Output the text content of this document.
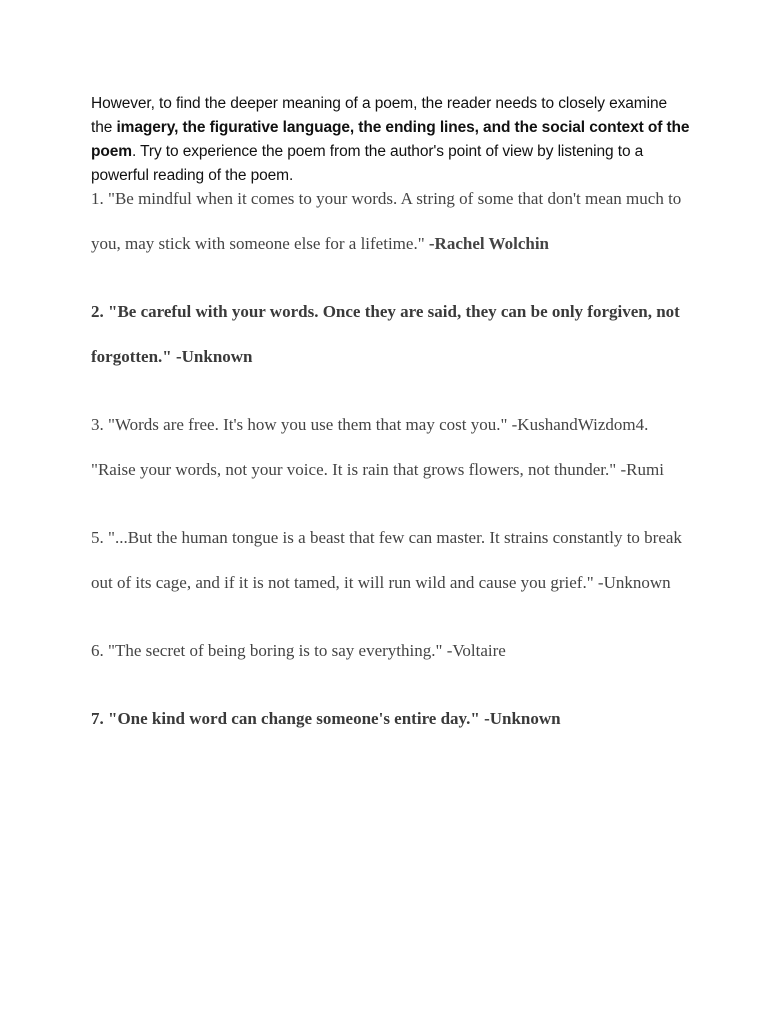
However, to find the deeper meaning of a poem, the reader needs to closely examine the imagery, the figurative language, the ending lines, and the social context of the poem. Try to experience the poem from the author's point of view by listening to a powerful reading of the poem.

1. "Be mindful when it comes to your words. A string of some that don't mean much to you, may stick with someone else for a lifetime." -Rachel Wolchin

2. "Be careful with your words. Once they are said, they can be only forgiven, not forgotten." -Unknown

3. "Words are free. It's how you use them that may cost you." -KushandWizdom4. "Raise your words, not your voice. It is rain that grows flowers, not thunder." -Rumi

5. "...But the human tongue is a beast that few can master. It strains constantly to break out of its cage, and if it is not tamed, it will run wild and cause you grief." -Unknown

6. "The secret of being boring is to say everything." -Voltaire

7. "One kind word can change someone's entire day." -Unknown
